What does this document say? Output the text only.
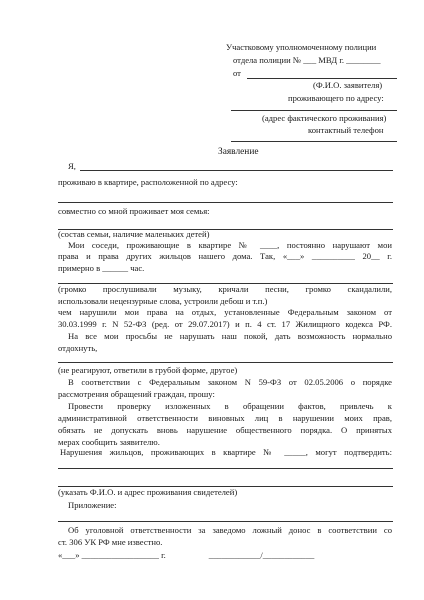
Участковому уполномоченному полиции
отдела полиции № ___ МВД г. ________
от
(Ф.И.О. заявителя)
проживающего по адресу:
(адрес фактического проживания)
контактный телефон
Заявление
Я,
проживаю в квартире, расположенной по адресу:
совместно со мной проживает моя семья:
(состав семьи, наличие маленьких детей)
Мои соседи, проживающие в квартире № ____, постоянно нарушают мои
права и права других жильцов нашего дома. Так, «___» __________ 20__ г.
примерно в ______ час.
(громко прослушивали музыку, кричали песни, громко скандалили,
использовали нецензурные слова, устроили дебош и т.п.)
чем нарушили мои права на отдых, установленные Федеральным законом от
30.03.1999 г. N 52-ФЗ (ред. от 29.07.2017) и п. 4 ст. 17 Жилищного кодекса РФ.
На все мои просьбы не нарушать наш покой, дать возможность нормально
отдохнуть,
(не реагируют, ответили в грубой форме, другое)
В соответствии с Федеральным законом N 59-ФЗ от 02.05.2006 о порядке
рассмотрения обращений граждан, прошу:
Провести проверку изложенных в обращении фактов, привлечь к
административной ответственности виновных лиц в нарушении моих прав,
обязать не допускать вновь нарушение общественного порядка. О принятых
мерах сообщить заявителю.
Нарушения жильцов, проживающих в квартире № _____, могут подтвердить:
(указать Ф.И.О. и адрес проживания свидетелей)
Приложение:
Об уголовной ответственности за заведомо ложный донос в соответствии со
ст. 306 УК РФ мне известно.
«___» __________________ г.                    ____________/____________
